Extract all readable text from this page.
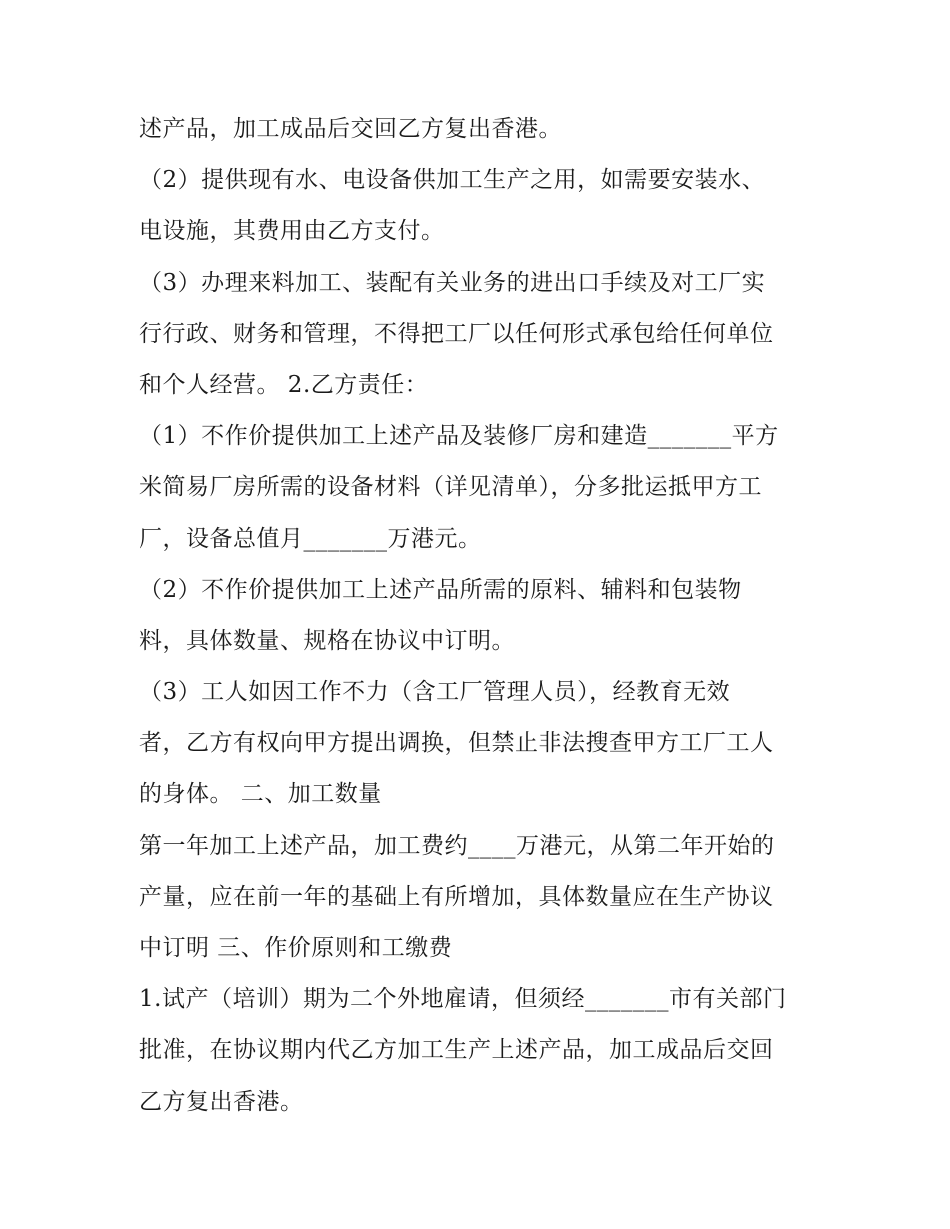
述产品，加工成品后交回乙方复出香港。
（2）提供现有水、电设备供加工生产之用，如需要安装水、
电设施，其费用由乙方支付。
（3）办理来料加工、装配有关业务的进出口手续及对工厂实
行行政、财务和管理，不得把工厂以任何形式承包给任何单位
和个人经营。 2.乙方责任：
（1）不作价提供加工上述产品及装修厂房和建造_______平方
米简易厂房所需的设备材料（详见清单），分多批运抵甲方工
厂，设备总值月_______万港元。
（2）不作价提供加工上述产品所需的原料、辅料和包装物
料，具体数量、规格在协议中订明。
（3）工人如因工作不力（含工厂管理人员），经教育无效
者，乙方有权向甲方提出调换，但禁止非法搜查甲方工厂工人
的身体。 二、加工数量
第一年加工上述产品，加工费约____万港元，从第二年开始的
产量，应在前一年的基础上有所增加，具体数量应在生产协议
中订明 三、作价原则和工缴费
1.试产（培训）期为二个外地雇请，但须经_______市有关部门
批准，在协议期内代乙方加工生产上述产品，加工成品后交回
乙方复出香港。
